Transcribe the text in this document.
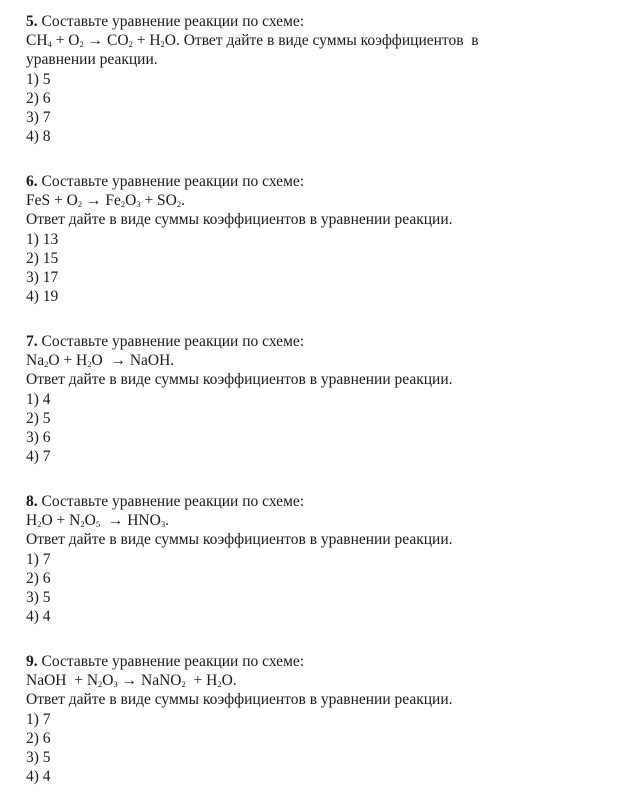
5. Составьте уравнение реакции по схеме:
$CH_4 + O_2 \to CO_2 + H_2O$. Ответ дайте в виде суммы коэффициентов  в
уравнении реакции.
1) 5
2) 6
3) 7
4) 8
6. Составьте уравнение реакции по схеме:
FeS + $O_2 \to Fe_2O_3 + SO_2$.
Ответ дайте в виде суммы коэффициентов в уравнении реакции.
1) 13
2) 15
3) 17
4) 19
7. Составьте уравнение реакции по схеме:
$Na_2O + H_2O$  → NaOH.
Ответ дайте в виде суммы коэффициентов в уравнении реакции.
1) 4
2) 5
3) 6
4) 7
8. Составьте уравнение реакции по схеме:
$H_2O + N_2O_5 \to HNO_3$.
Ответ дайте в виде суммы коэффициентов в уравнении реакции.
1) 7
2) 6
3) 5
4) 4
9. Составьте уравнение реакции по схеме:
NaOH  + $N_2O_3$ → NaNO$_2$  + $H_2O$.
Ответ дайте в виде суммы коэффициентов в уравнении реакции.
1) 7
2) 6
3) 5
4) 4
